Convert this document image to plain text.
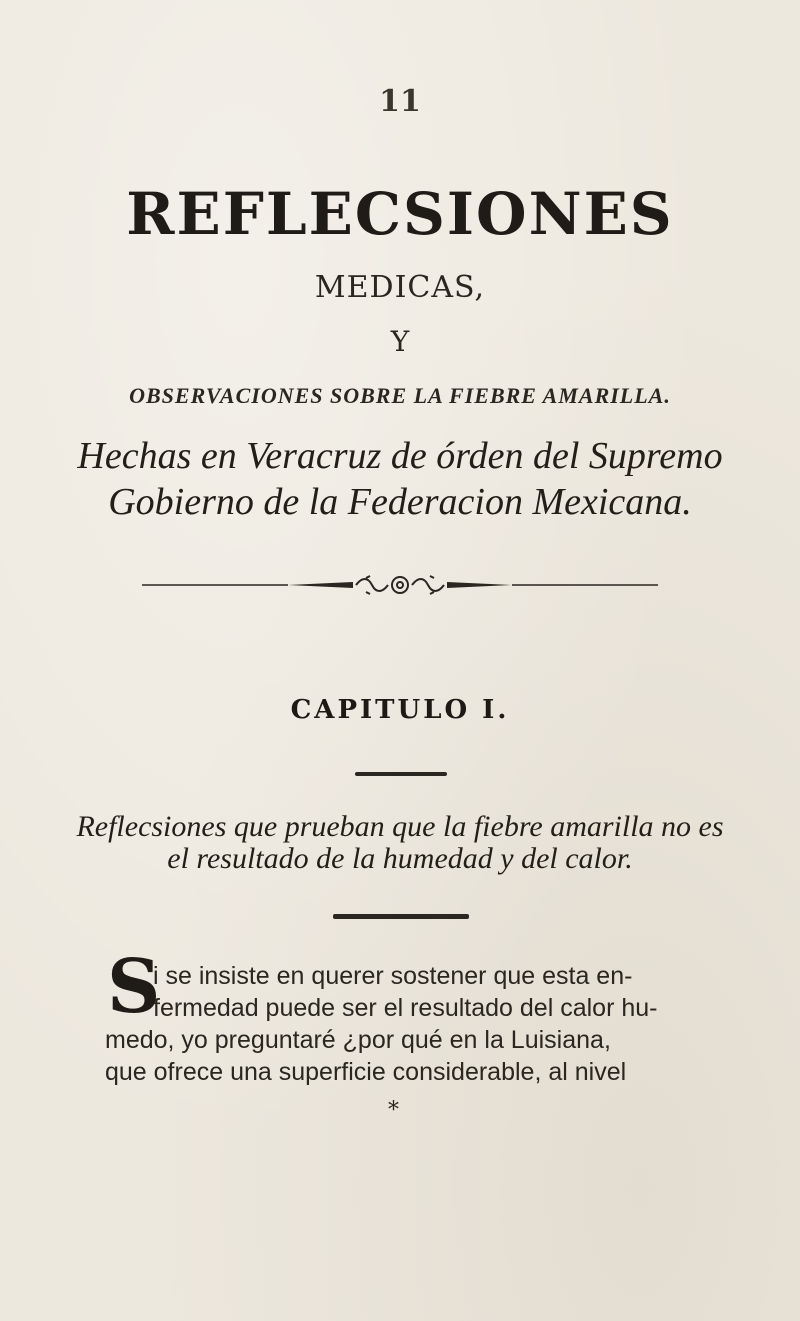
11
REFLECSIONES
MEDICAS,
Y
OBSERVACIONES SOBRE LA FIEBRE AMARILLA.
Hechas en Veracruz de órden del Supremo
Gobierno de la Federacion Mexicana.
CAPITULO I.
Reflecsiones que prueban que la fiebre amarilla no es
el resultado de la humedad y del calor.
S
i se insiste en querer sostener que esta en-
fermedad puede ser el resultado del calor hu-
medo, yo preguntaré ¿por qué en la Luisiana,
que ofrece una superficie considerable, al nivel
*
